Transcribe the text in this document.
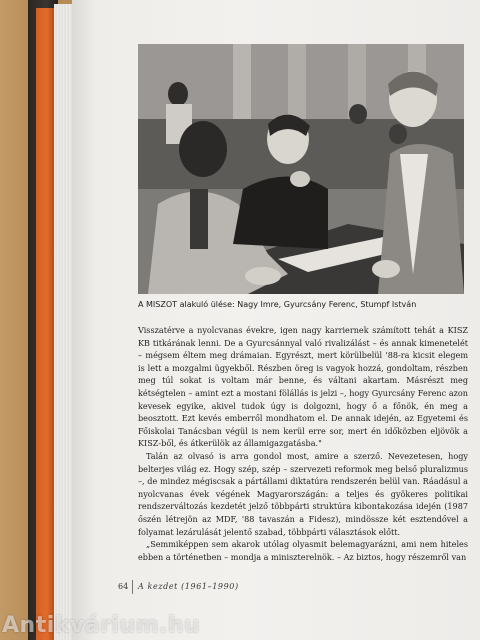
A MISZOT alakuló ülése: Nagy Imre, Gyurcsány Ferenc, Stumpf István

Visszatérve a nyolcvanas évekre, igen nagy karriernek számított tehát a KISZ KB titkárának lenni. De a Gyurcsánnyal való rivalizálást – és annak kimenetelét – mégsem éltem meg drámaian. Egyrészt, mert körülbelül '88-ra kicsit elegem is lett a mozgalmi ügyekből. Részben öreg is vagyok hozzá, gondoltam, részben meg túl sokat is voltam már benne, és váltani akartam. Másrészt meg kétségtelen – amint ezt a mostani fölállás is jelzi –, hogy Gyurcsány Ferenc azon kevesek egyike, akivel tudok úgy is dolgozni, hogy ő a főnök, én meg a beosztott. Ezt kevés emberről mondhatom el. De annak idején, az Egyetemi és Főiskolai Tanácsban végül is nem kerül erre sor, mert én időközben eljövök a KISZ-ből, és átkerülök az államigazgatásba."

Talán az olvasó is arra gondol most, amire a szerző. Nevezetesen, hogy belterjes világ ez. Hogy szép, szép – szervezeti reformok meg belső pluralizmus –, de mindez mégiscsak a pártállami diktatúra rendszerén belül van. Ráadásul a nyolcvanas évek végének Magyarországán: a teljes és gyökeres politikai rendszerváltozás kezdetét jelző többpárti struktúra kibontakozása idején (1987 őszén létrejön az MDF, '88 tavaszán a Fidesz), mindössze két esztendővel a folyamat lezárulását jelentő szabad, többpárti választások előtt.

„Semmiképpen sem akarok utólag olyasmit belemagyarázni, ami nem hiteles ebben a történetben – mondja a miniszterelnök. – Az biztos, hogy részemről van

64 A kezdet (1961–1990)
Antikvárium.hu
